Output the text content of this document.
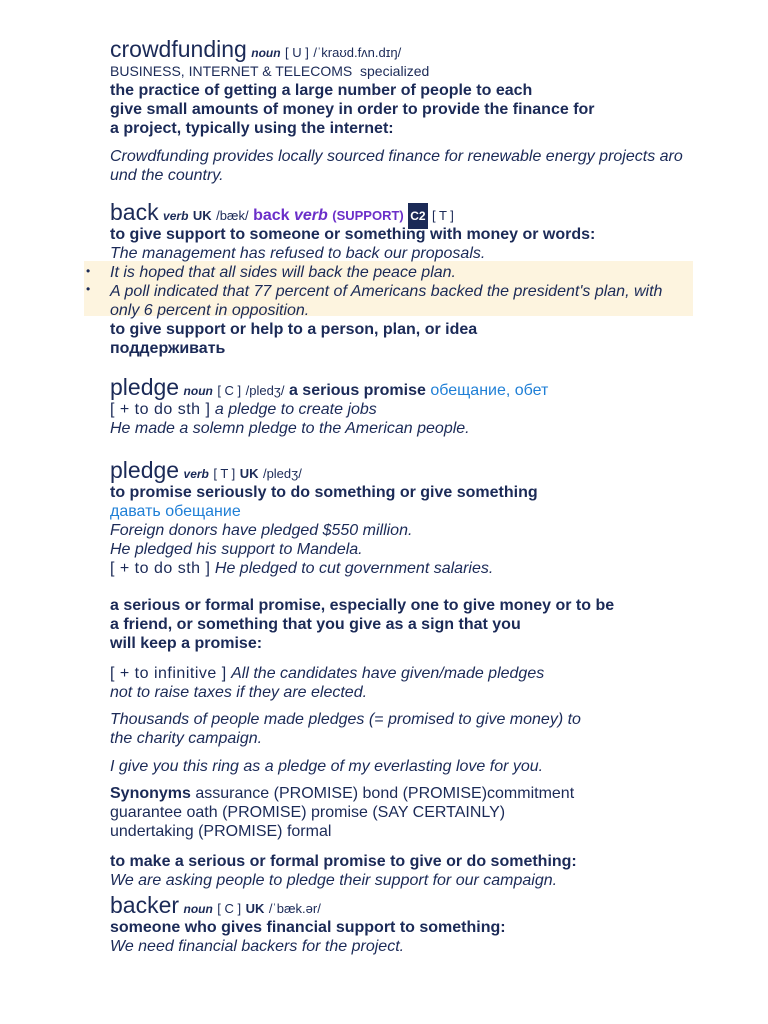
•
•
crowdfunding noun [ U ] /ˈkraʊd.fʌn.dɪŋ/
BUSINESS, INTERNET & TELECOMS specialized
the practice of getting a large number of people to each
give small amounts of money in order to provide the finance for
a project, typically using the internet:
Crowdfunding provides locally sourced finance for renewable energy projects aro
und the country.
back verb UK /bæk/ back verb (SUPPORT) C2 [ T ]
to give support to someone or something with money or words:
The management has refused to back our proposals.
It is hoped that all sides will back the peace plan.
A poll indicated that 77 percent of Americans backed the president's plan, with
only 6 percent in opposition.
to give support or help to a person, plan, or idea
поддерживать
pledge noun [ C ] /pledʒ/ a serious promise обещание, обет
[ + to do sth ] a pledge to create jobs
He made a solemn pledge to the American people.
pledge verb [ T ] UK /pledʒ/
to promise seriously to do something or give something
давать обещание
Foreign donors have pledged $550 million.
He pledged his support to Mandela.
[ + to do sth ] He pledged to cut government salaries.
a serious or formal promise, especially one to give money or to be
a friend, or something that you give as a sign that you
will keep a promise:
[ + to infinitive ] All the candidates have given/made pledges
not to raise taxes if they are elected.
Thousands of people made pledges (= promised to give money) to
the charity campaign.
I give you this ring as a pledge of my everlasting love for you.
Synonyms assurance (PROMISE) bond (PROMISE)commitment
guarantee oath (PROMISE) promise (SAY CERTAINLY)
undertaking (PROMISE) formal
to make a serious or formal promise to give or do something:
We are asking people to pledge their support for our campaign.
backer noun [ C ] UK /ˈbæk.ər/
someone who gives financial support to something:
We need financial backers for the project.
